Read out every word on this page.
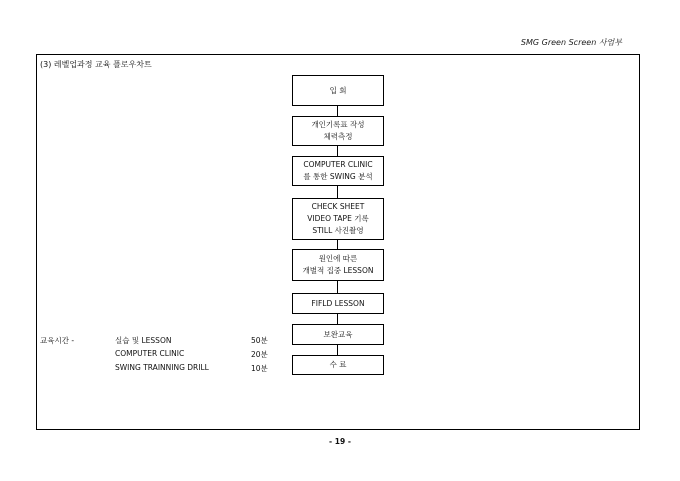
SMG Green Screen 사업부
(3) 레벨업과정 교육 플로우차트
입 회
개인기록표 작성
체력측정
COMPUTER CLINIC
를 통한 SWING 분석
CHECK SHEET
VIDEO TAPE 기록
STILL 사진촬영
원인에 따른
개별적 집중 LESSON
FIFLD LESSON
보완교육
수 료
교육시간 -	실습 및 LESSON	50분
COMPUTER CLINIC	20분
SWING TRAINNING DRILL	10분
- 19 -
